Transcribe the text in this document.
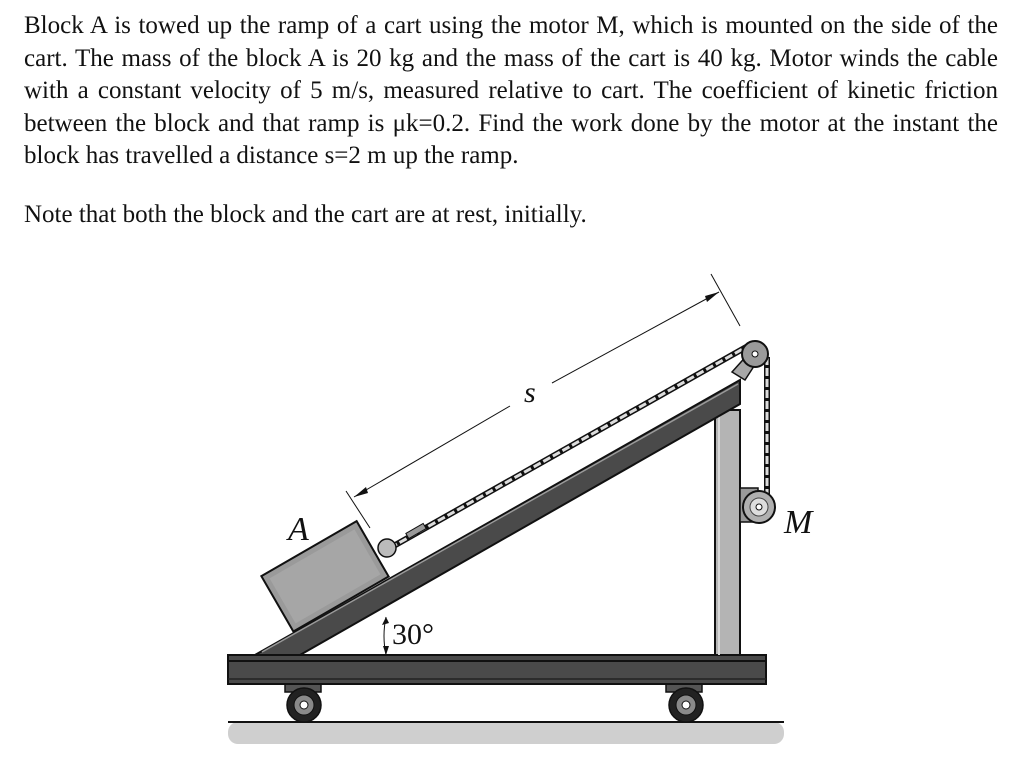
Block A is towed up the ramp of a cart using the motor M, which is mounted on the side of the cart. The mass of the block A is 20 kg and the mass of the cart is 40 kg. Motor winds the cable with a constant velocity of 5 m/s, measured relative to cart. The coefficient of kinetic friction between the block and that ramp is μk=0.2. Find the work done by the motor at the instant the block has travelled a distance s=2 m up the ramp.

Note that both the block and the cart are at rest, initially.
A	M
s
30°
